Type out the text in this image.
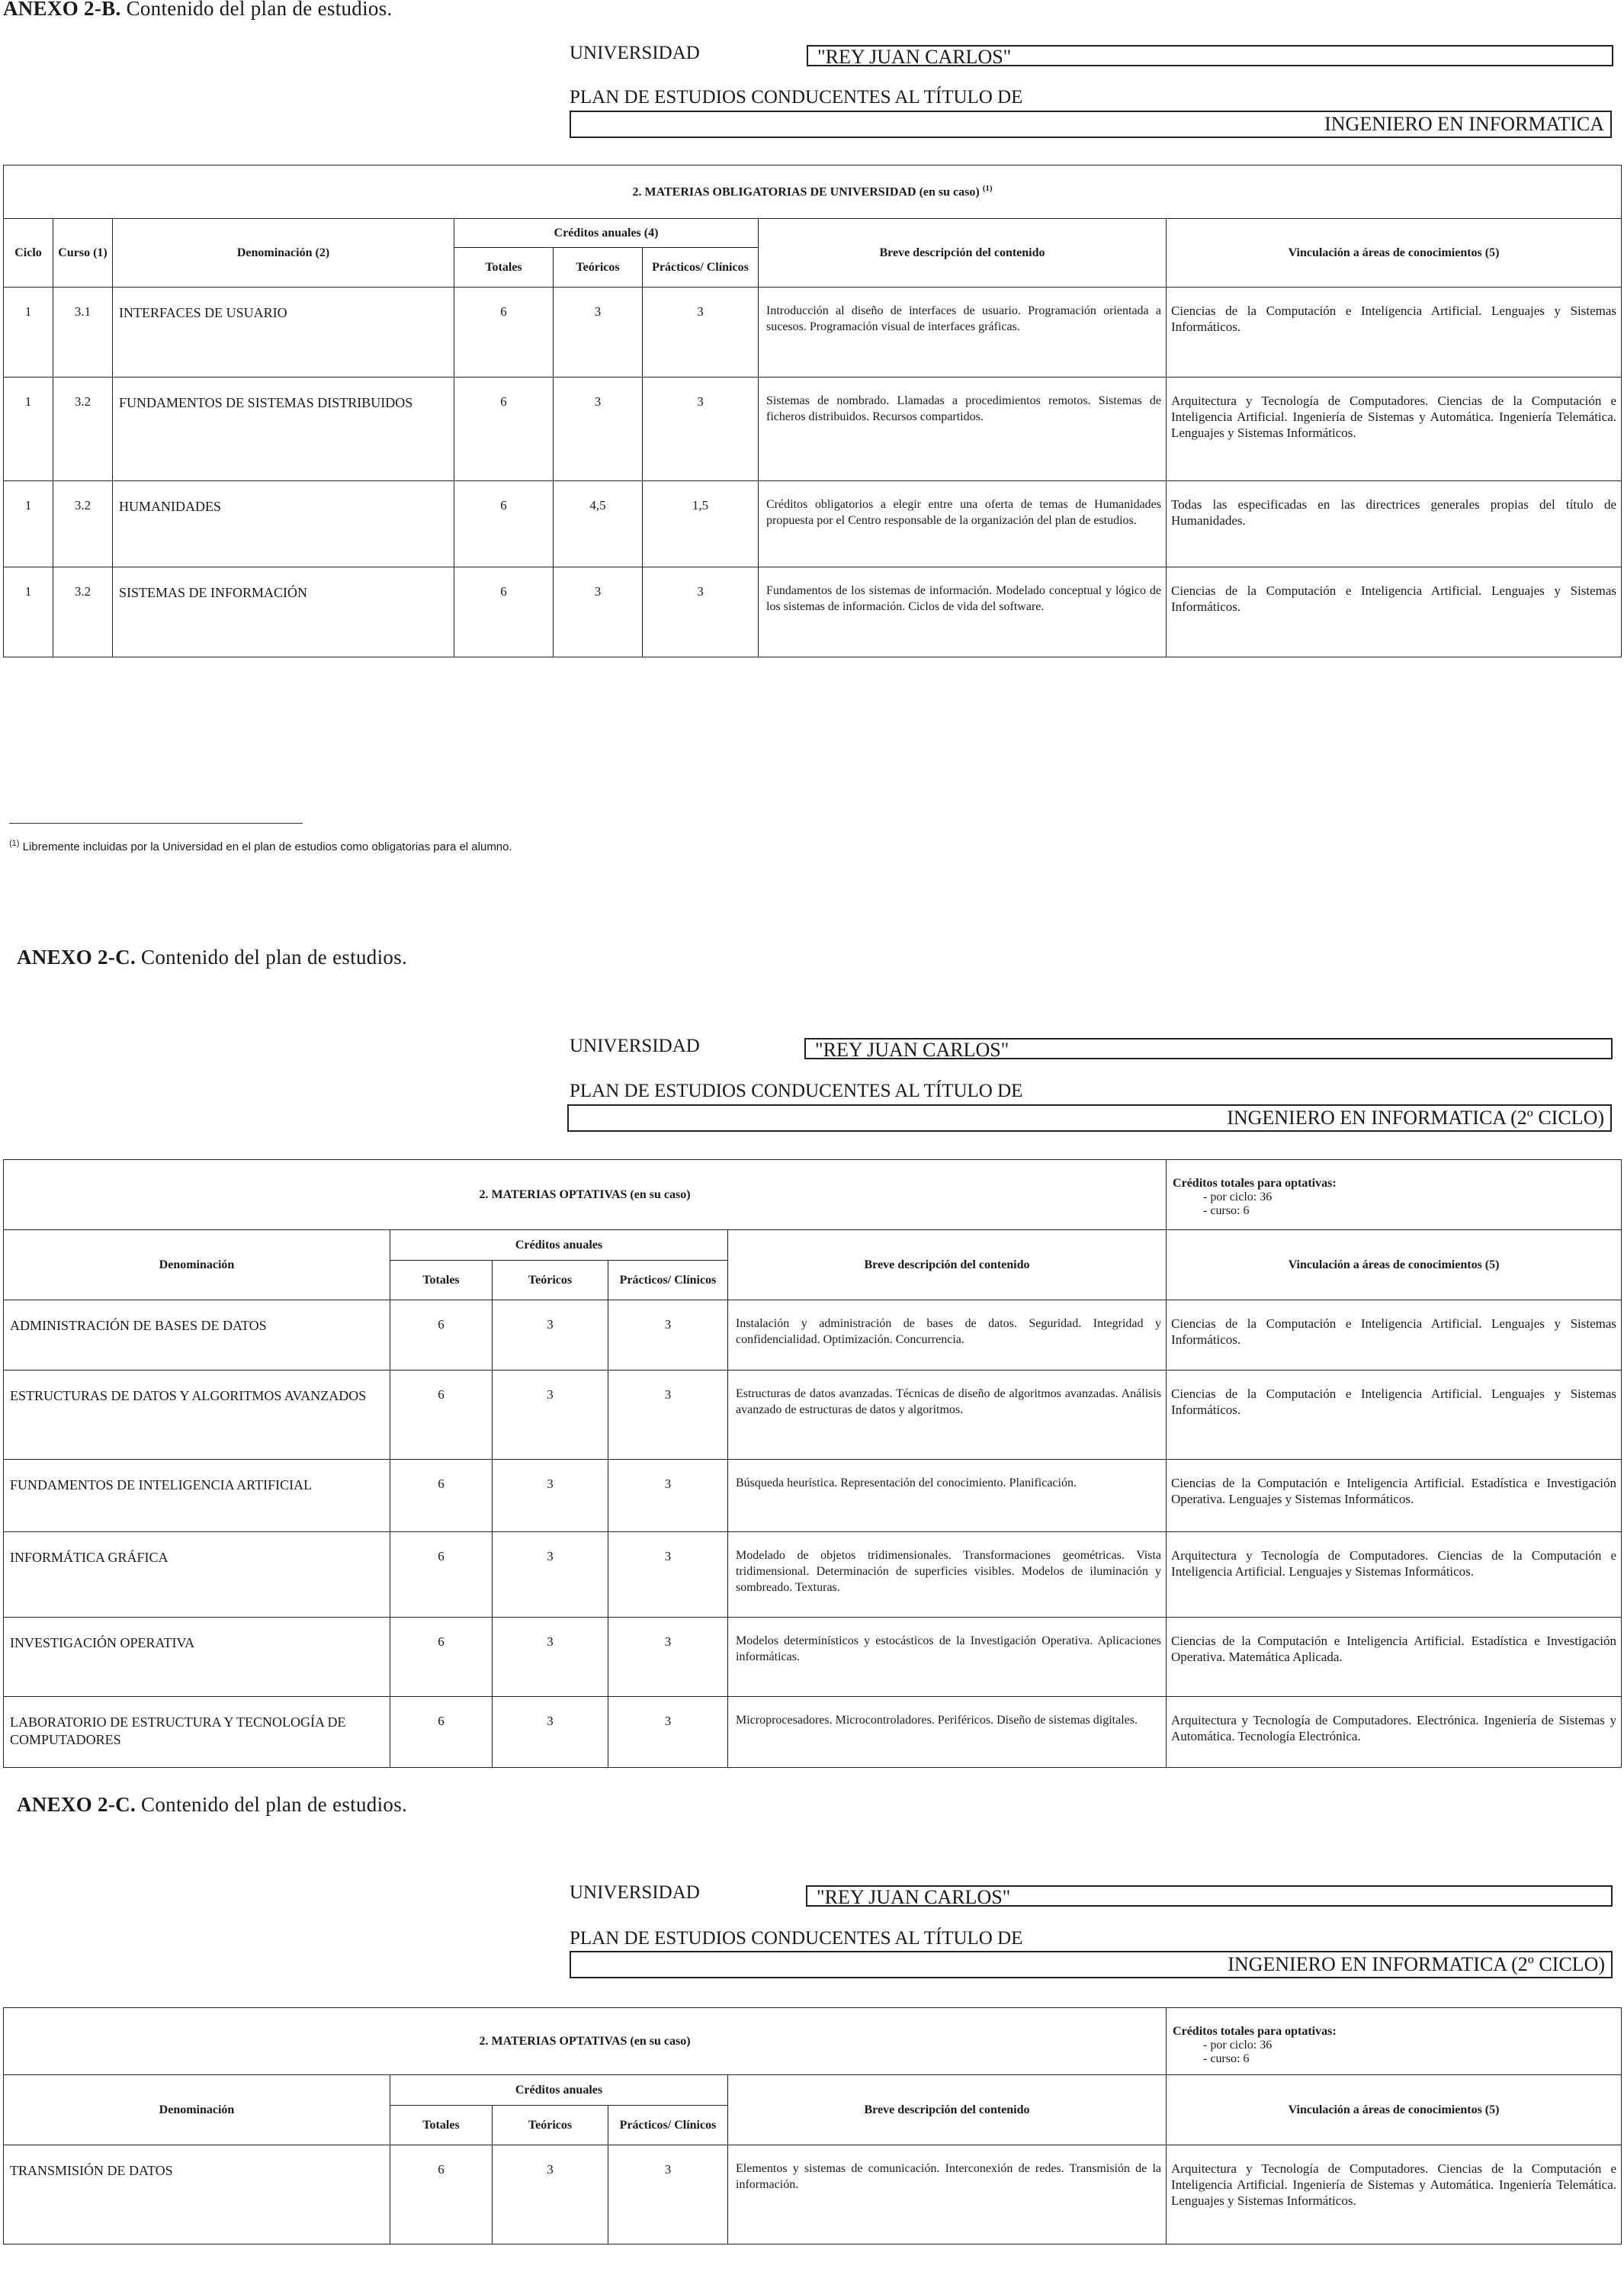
ANEXO 2-B. Contenido del plan de estudios.
UNIVERSIDAD	"REY JUAN CARLOS"
PLAN DE ESTUDIOS CONDUCENTES AL TÍTULO DE
INGENIERO EN INFORMATICA
2. MATERIAS OBLIGATORIAS DE UNIVERSIDAD (en su caso) $^{(1)}$
Ciclo	Curso (1)	Denominación (2)	Créditos anuales (4)			Breve descripción del contenido	Vinculación a áreas de conocimientos (5)
			Totales	Teóricos	Prácticos/ Clínicos		
1	3.1	INTERFACES DE USUARIO	6	3	3	Introducción al diseño de interfaces de usuario. Programación orientada a sucesos. Programación visual de interfaces gráficas.	Ciencias de la Computación e Inteligencia Artificial. Lenguajes y Sistemas Informáticos.
1	3.2	FUNDAMENTOS DE SISTEMAS DISTRIBUIDOS	6	3	3	Sistemas de nombrado. Llamadas a procedimientos remotos. Sistemas de ficheros distribuidos. Recursos compartidos.	Arquitectura y Tecnología de Computadores. Ciencias de la Computación e Inteligencia Artificial. Ingeniería de Sistemas y Automática. Ingeniería Telemática. Lenguajes y Sistemas Informáticos.
1	3.2	HUMANIDADES	6	4,5	1,5	Créditos obligatorios a elegir entre una oferta de temas de Humanidades propuesta por el Centro responsable de la organización del plan de estudios.	Todas las especificadas en las directrices generales propias del título de Humanidades.
1	3.2	SISTEMAS DE INFORMACIÓN	6	3	3	Fundamentos de los sistemas de información. Modelado conceptual y lógico de los sistemas de información. Ciclos de vida del software.	Ciencias de la Computación e Inteligencia Artificial. Lenguajes y Sistemas Informáticos.
$^{(1)}$ Libremente incluidas por la Universidad en el plan de estudios como obligatorias para el alumno.
ANEXO 2-C. Contenido del plan de estudios.
UNIVERSIDAD	"REY JUAN CARLOS"
PLAN DE ESTUDIOS CONDUCENTES AL TÍTULO DE
INGENIERO EN INFORMATICA (2º CICLO)
2. MATERIAS OPTATIVAS (en su caso)					Créditos totales para optativas:
- por ciclo: 36
- curso: 6

Denominación	Créditos anuales			Breve descripción del contenido	Vinculación a áreas de conocimientos (5)
	Totales	Teóricos	Prácticos/ Clínicos		
ADMINISTRACIÓN DE BASES DE DATOS	6	3	3	Instalación y administración de bases de datos. Seguridad. Integridad y confidencialidad. Optimización. Concurrencia.	Ciencias de la Computación e Inteligencia Artificial. Lenguajes y Sistemas Informáticos.
ESTRUCTURAS DE DATOS Y ALGORITMOS AVANZADOS	6	3	3	Estructuras de datos avanzadas. Técnicas de diseño de algoritmos avanzadas. Análisis avanzado de estructuras de datos y algoritmos.	Ciencias de la Computación e Inteligencia Artificial. Lenguajes y Sistemas Informáticos.
FUNDAMENTOS DE INTELIGENCIA ARTIFICIAL	6	3	3	Búsqueda heurística. Representación del conocimiento. Planificación.	Ciencias de la Computación e Inteligencia Artificial. Estadística e Investigación Operativa. Lenguajes y Sistemas Informáticos.
INFORMÁTICA GRÁFICA	6	3	3	Modelado de objetos tridimensionales. Transformaciones geométricas. Vista tridimensional. Determinación de superficies visibles. Modelos de iluminación y sombreado. Texturas.	Arquitectura y Tecnología de Computadores. Ciencias de la Computación e Inteligencia Artificial. Lenguajes y Sistemas Informáticos.
INVESTIGACIÓN OPERATIVA	6	3	3	Modelos determinísticos y estocásticos de la Investigación Operativa. Aplicaciones informáticas.	Ciencias de la Computación e Inteligencia Artificial. Estadística e Investigación Operativa. Matemática Aplicada.
LABORATORIO DE ESTRUCTURA Y TECNOLOGÍA DE COMPUTADORES	6	3	3	Microprocesadores. Microcontroladores. Periféricos. Diseño de sistemas digitales.	Arquitectura y Tecnología de Computadores. Electrónica. Ingeniería de Sistemas y Automática. Tecnología Electrónica.
ANEXO 2-C. Contenido del plan de estudios.
UNIVERSIDAD	"REY JUAN CARLOS"
PLAN DE ESTUDIOS CONDUCENTES AL TÍTULO DE
INGENIERO EN INFORMATICA (2º CICLO)
2. MATERIAS OPTATIVAS (en su caso)					Créditos totales para optativas:
- por ciclo: 36
- curso: 6

Denominación	Créditos anuales			Breve descripción del contenido	Vinculación a áreas de conocimientos (5)
	Totales	Teóricos	Prácticos/ Clínicos		
TRANSMISIÓN DE DATOS	6	3	3	Elementos y sistemas de comunicación. Interconexión de redes. Transmisión de la información.	Arquitectura y Tecnología de Computadores. Ciencias de la Computación e Inteligencia Artificial. Ingeniería de Sistemas y Automática. Ingeniería Telemática. Lenguajes y Sistemas Informáticos.
